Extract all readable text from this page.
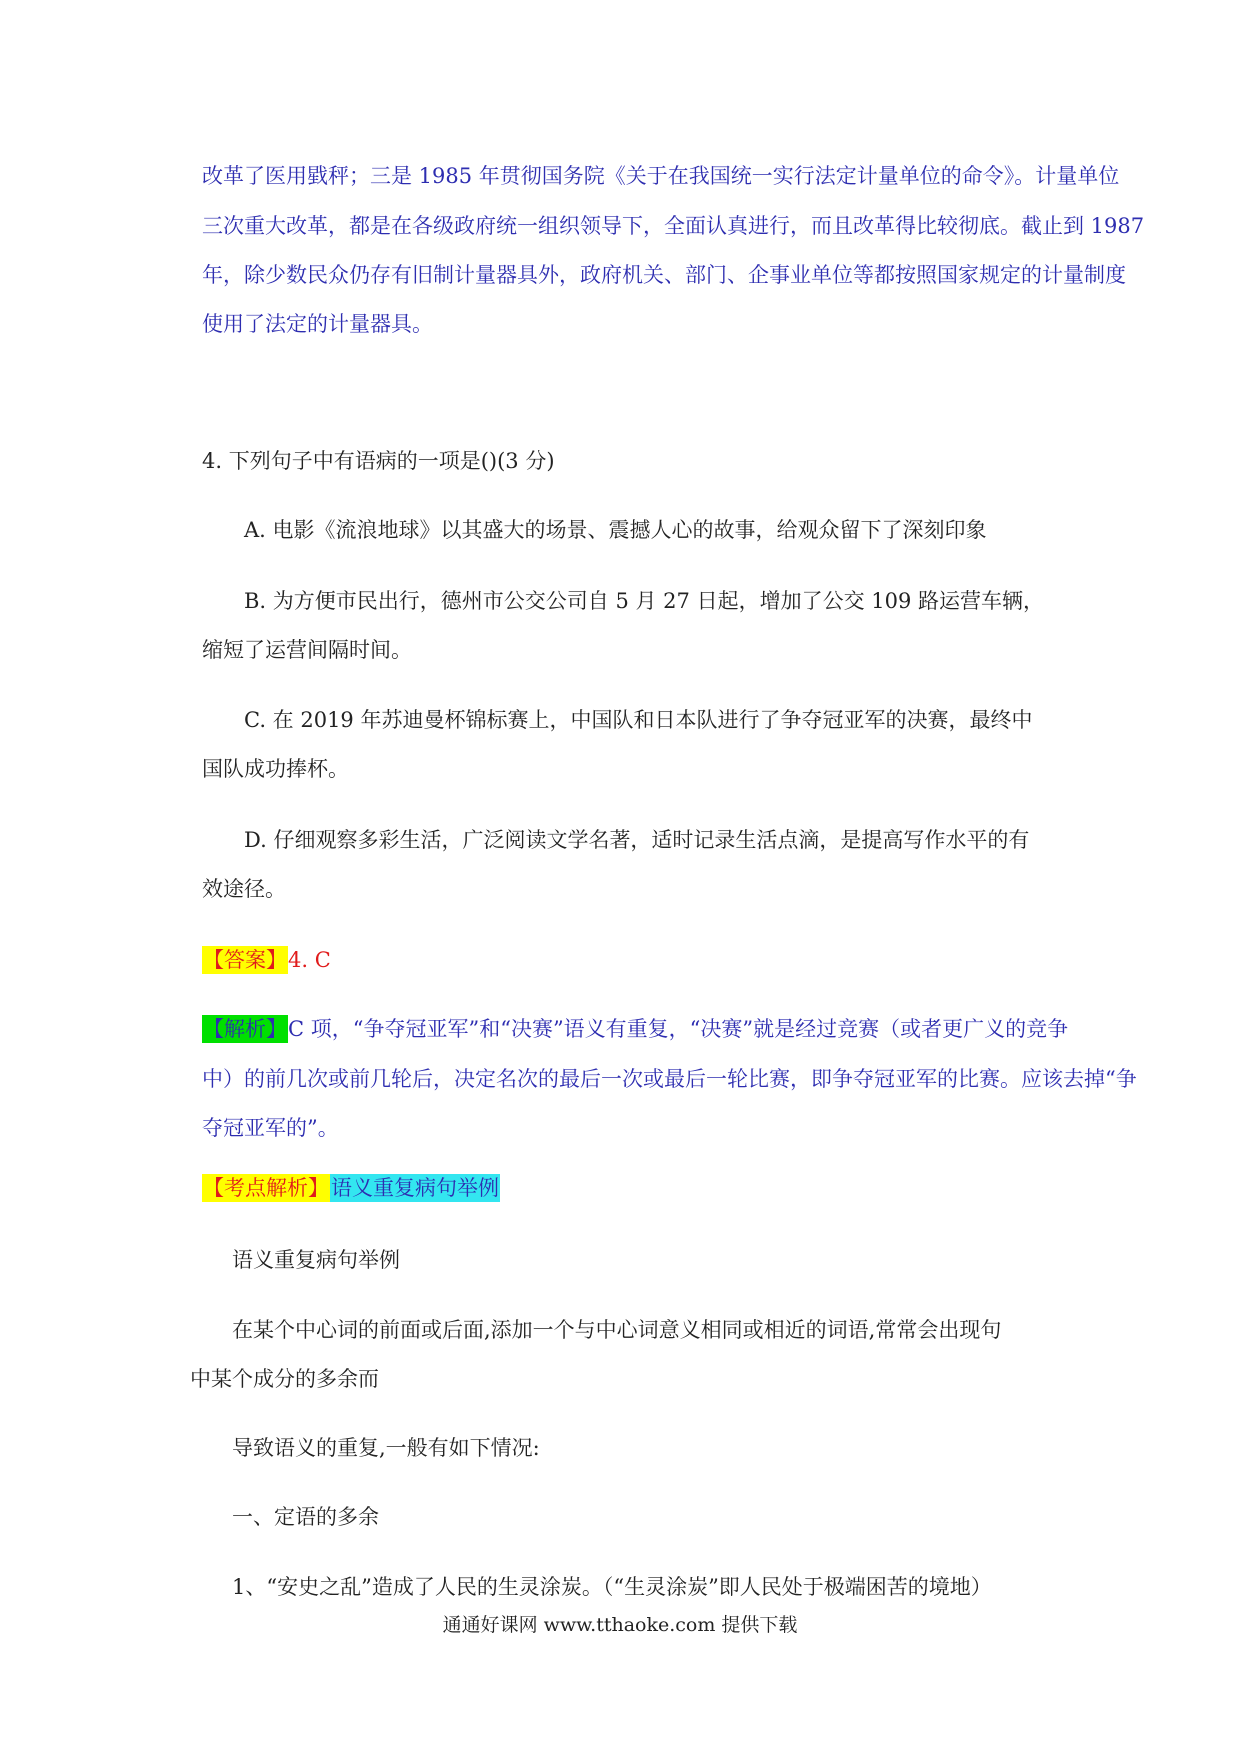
改革了医用戥秤；三是 1985 年贯彻国务院《关于在我国统一实行法定计量单位的命令》。计量单位
三次重大改革，都是在各级政府统一组织领导下，全面认真进行，而且改革得比较彻底。截止到 1987
年，除少数民众仍存有旧制计量器具外，政府机关、部门、企事业单位等都按照国家规定的计量制度
使用了法定的计量器具。
4. 下列句子中有语病的一项是()(3 分)
A. 电影《流浪地球》以其盛大的场景、震撼人心的故事，给观众留下了深刻印象
B. 为方便市民出行，德州市公交公司自 5 月 27 日起，增加了公交 109 路运营车辆，
缩短了运营间隔时间。
C. 在 2019 年苏迪曼杯锦标赛上，中国队和日本队进行了争夺冠亚军的决赛，最终中
国队成功捧杯。
D. 仔细观察多彩生活，广泛阅读文学名著，适时记录生活点滴，是提高写作水平的有
效途径。
【答案】4. C
【解析】C 项，“争夺冠亚军”和“决赛”语义有重复，“决赛”就是经过竞赛（或者更广义的竞争
中）的前几次或前几轮后，决定名次的最后一次或最后一轮比赛，即争夺冠亚军的比赛。应该去掉“争
夺冠亚军的”。
【考点解析】语义重复病句举例
语义重复病句举例
在某个中心词的前面或后面,添加一个与中心词意义相同或相近的词语,常常会出现句
中某个成分的多余而
导致语义的重复,一般有如下情况:
一、定语的多余
1、“安史之乱”造成了人民的生灵涂炭。（“生灵涂炭”即人民处于极端困苦的境地）
通通好课网 www.tthaoke.com 提供下载
